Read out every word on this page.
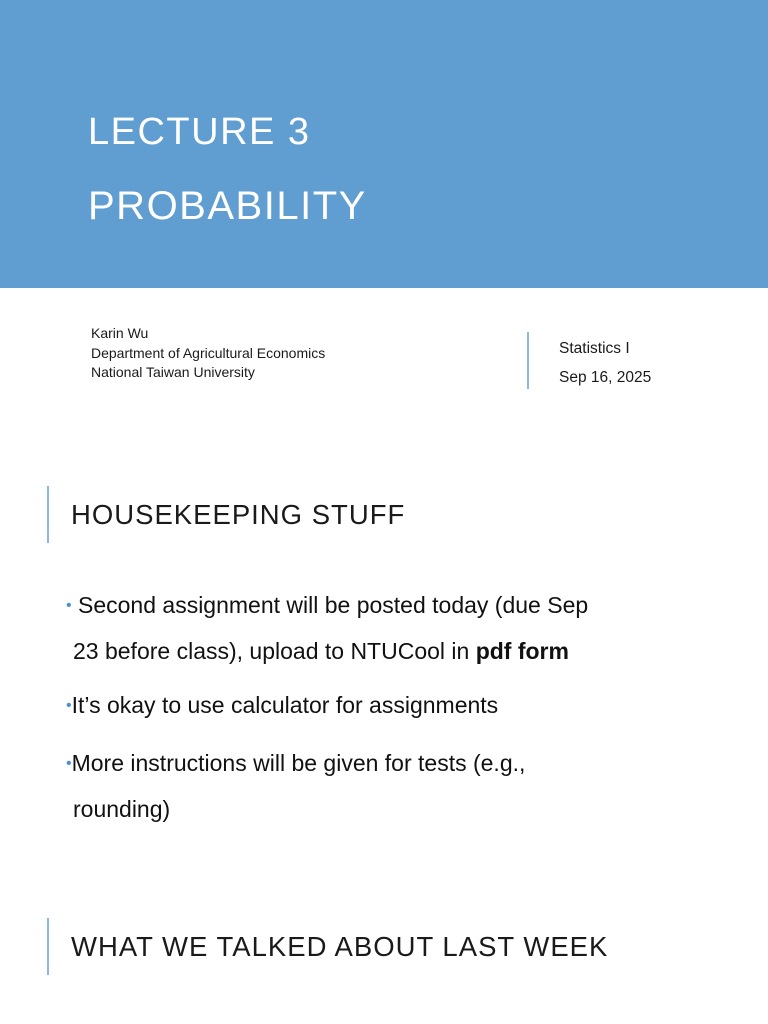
LECTURE 3
PROBABILITY
Karin Wu
Department of Agricultural Economics
National Taiwan University
Statistics I
Sep 16, 2025
HOUSEKEEPING STUFF
• Second assignment will be posted today (due Sep
23 before class), upload to NTUCool in pdf form
•It’s okay to use calculator for assignments
•More instructions will be given for tests (e.g.,
rounding)
WHAT WE TALKED ABOUT LAST WEEK
